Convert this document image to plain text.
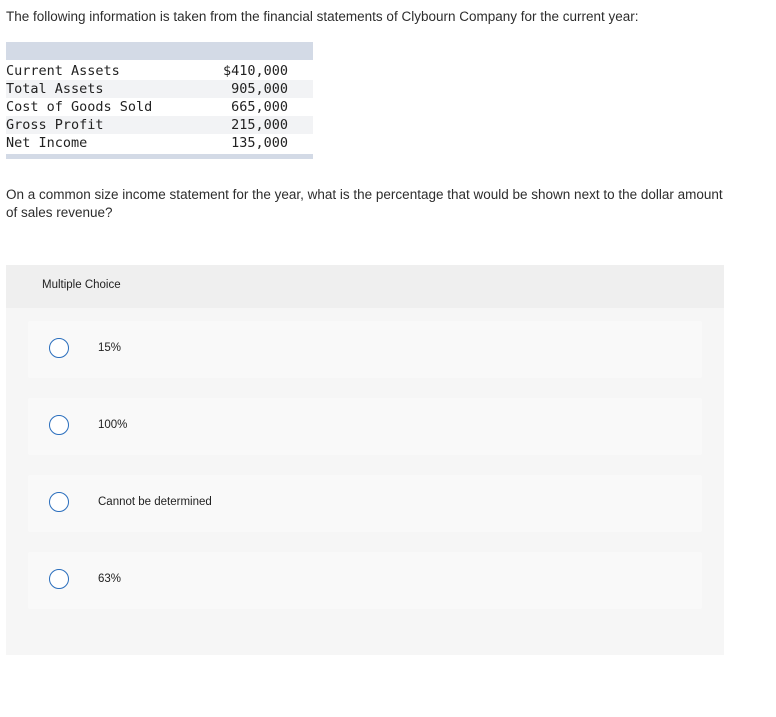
The following information is taken from the financial statements of Clybourn Company for the current year:
Current Assets	$410,000
Total Assets	905,000
Cost of Goods Sold	665,000
Gross Profit	215,000
Net Income	135,000
On a common size income statement for the year, what is the percentage that would be shown next to the dollar amount of sales revenue?
Multiple Choice
15%
100%
Cannot be determined
63%
